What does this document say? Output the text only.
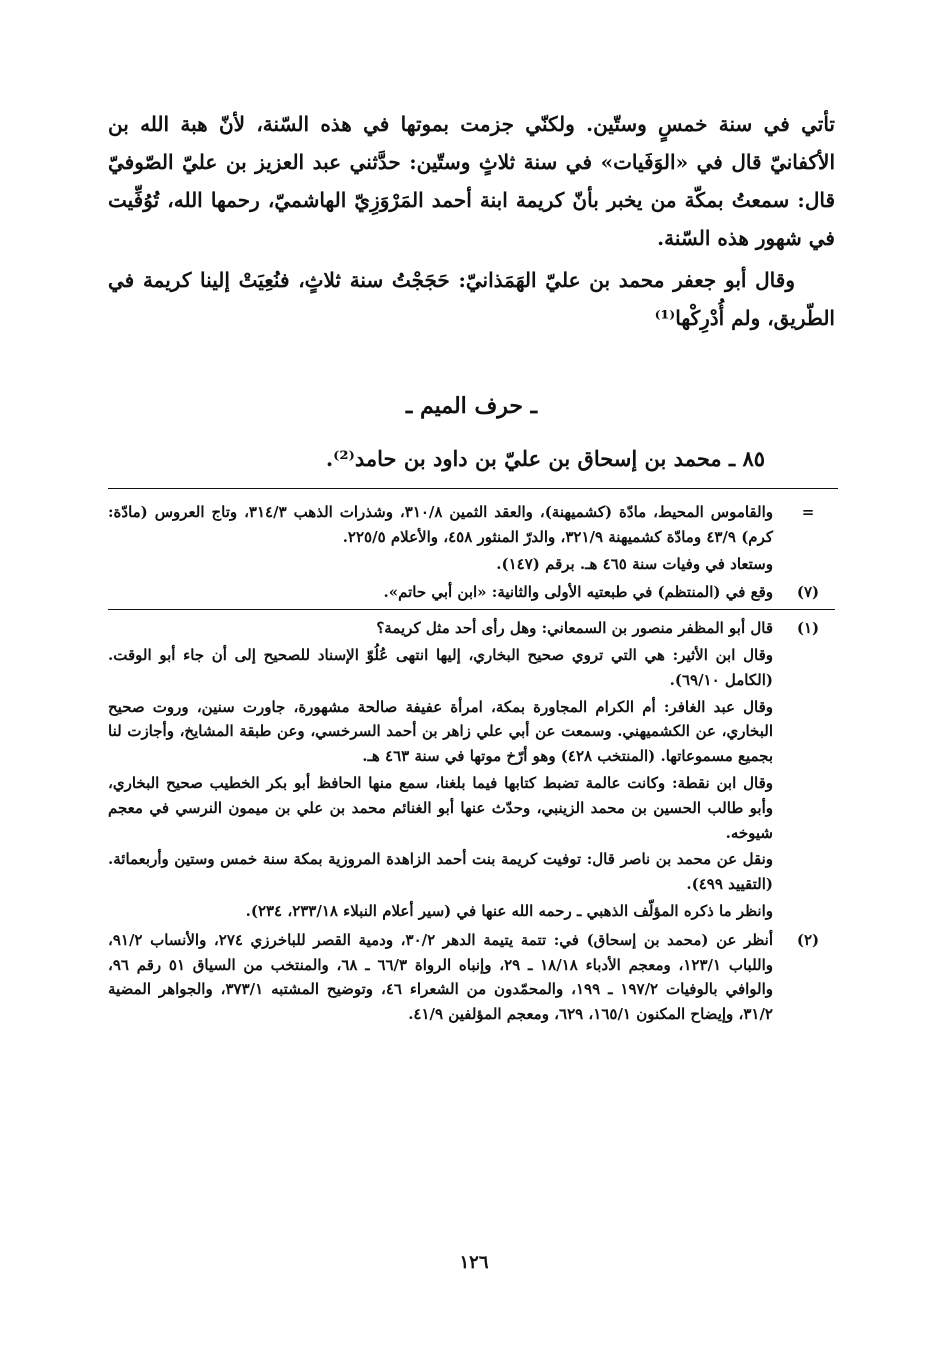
تأتي في سنة خمسٍ وستّين. ولكنّي جزمت بموتها في هذه السّنة، لأنّ هبة الله بن الأكفانيّ قال في «الوَفَيات» في سنة ثلاثٍ وستّين: حدَّثني عبد العزيز بن عليّ الصّوفيّ قال: سمعتُ بمكّة من يخبر بأنّ كريمة ابنة أحمد المَرْوَزِيّ الهاشميّ، رحمها الله، تُوُفِّيت في شهور هذه السّنة.

وقال أبو جعفر محمد بن عليّ الهَمَذانيّ: حَجَجْتُ سنة ثلاثٍ، فنُعِيَتْ إلينا كريمة في الطّريق، ولم أُدْرِكْها⁽¹⁾

ـ حرف الميم ـ
٨٥ ـ محمد بن إسحاق بن عليّ بن داود بن حامد⁽²⁾.
=

والقاموس المحيط، مادّة (كشميهنة)، والعقد الثمين ٣١٠/٨، وشذرات الذهب ٣١٤/٣، وتاج العروس (مادّة: كرم) ٤٣/٩ ومادّة كشميهنة ٣٢١/٩، والدرّ المنثور ٤٥٨، والأعلام ٢٢٥/٥.

وستعاد في وفيات سنة ٤٦٥ هـ. برقم (١٤٧).

(٧)

وقع في (المنتظم) في طبعتيه الأولى والثانية: «ابن أبي حاتم».

(١)

قال أبو المظفر منصور بن السمعاني: وهل رأى أحد مثل كريمة؟

وقال ابن الأثير: هي التي تروي صحيح البخاري، إليها انتهى عُلُوّ الإسناد للصحيح إلى أن جاء أبو الوقت. (الكامل ٦٩/١٠).

وقال عبد الغافر: أم الكرام المجاورة بمكة، امرأة عفيفة صالحة مشهورة، جاورت سنين، وروت صحيح البخاري، عن الكشميهني. وسمعت عن أبي علي زاهر بن أحمد السرخسي، وعن طبقة المشايخ، وأجازت لنا بجميع مسموعاتها. (المنتخب ٤٢٨) وهو أرّخ موتها في سنة ٤٦٣ هـ.

وقال ابن نقطة: وكانت عالمة تضبط كتابها فيما بلغنا، سمع منها الحافظ أبو بكر الخطيب صحيح البخاري، وأبو طالب الحسين بن محمد الزينبي، وحدّث عنها أبو الغنائم محمد بن علي بن ميمون النرسي في معجم شيوخه.

ونقل عن محمد بن ناصر قال: توفيت كريمة بنت أحمد الزاهدة المروزية بمكة سنة خمس وستين وأربعمائة. (التقييد ٤٩٩).

وانظر ما ذكره المؤلّف الذهبي ـ رحمه الله عنها في (سير أعلام النبلاء ٢٣٣/١٨، ٢٣٤).

(٢)

أنظر عن (محمد بن إسحاق) في: تتمة يتيمة الدهر ٣٠/٢، ودمية القصر للباخرزي ٢٧٤، والأنساب ٩١/٢، واللباب ١٢٣/١، ومعجم الأدباء ١٨/١٨ ـ ٢٩، وإنباه الرواة ٦٦/٣ ـ ٦٨، والمنتخب من السياق ٥١ رقم ٩٦، والوافي بالوفيات ١٩٧/٢ ـ ١٩٩، والمحمّدون من الشعراء ٤٦، وتوضيح المشتبه ٣٧٣/١، والجواهر المضية ٣١/٢، وإيضاح المكنون ١٦٥/١، ٦٢٩، ومعجم المؤلفين ٤١/٩.

١٢٦
